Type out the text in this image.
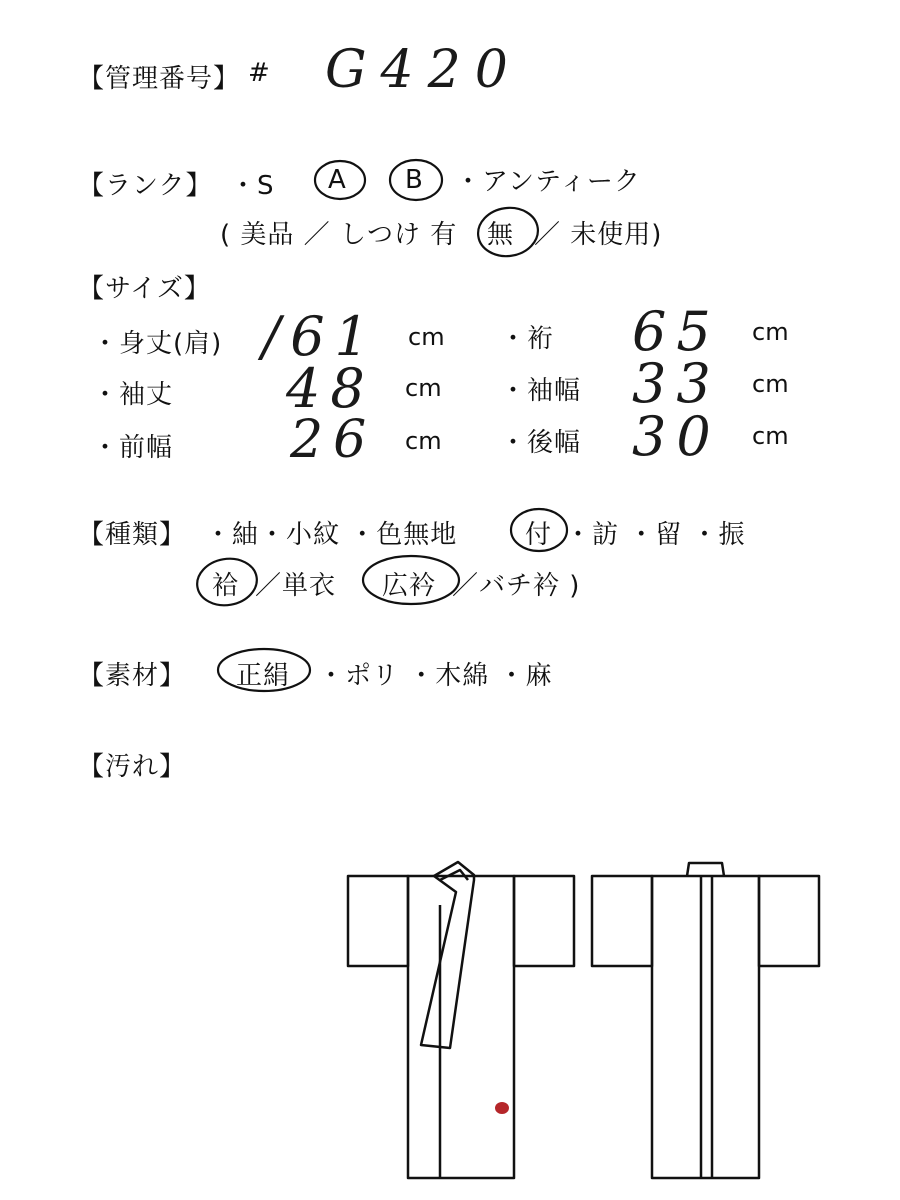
【管理番号】 # G420
【ランク】 ・S A B ・アンティーク
( 美品 ／ しつけ 有 無 ／ 未使用)
【サイズ】
・身丈(肩) /61 cm ・裄 65 cm
・袖丈 48 cm ・袖幅 33 cm
・前幅 26 cm ・後幅 30 cm
【種類】 ・紬・小紋 ・色無地	付 ・訪 ・留 ・振
袷 ／単衣 広衿 ／バチ衿 )
【素材】 正絹 ・ポリ ・木綿 ・麻
【汚れ】
